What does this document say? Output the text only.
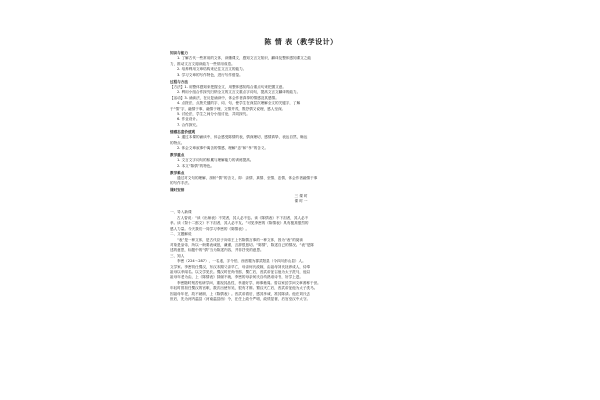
陈 情 表（教学设计）
知识与能力
1. 了解古代一些常用的文体，读懂课文，感知文言文知识，翻译及整体感知课文之能
力，推动文言文阅读能力一些常用成语。
2. 培养利用文章结构来记住文言文的能力。
3. 学习文章的写作特色，进行写作借鉴。
过程与方法
【方法】1. 用整体感知来把握全文，用整体感知结合重点句来把握文意。
2. 利用小组合作探究归纳全文的文言文重点字词句，提高文言文翻译的能力。
【活动】3. 诵读法，在反复诵读中，体会作者真挚的情感及其感情。
4. 点拨法，点拨关键的字、词、句，使学生在深层次理解全文的关键字，了解
于“情”字，融情于事，融情于理，文情并茂，既抒情又说理，感人至深。
5. 讨论法，学生之间分小组讨论，共同探究。
6. 作业设计。
7. 合作探究。
情感态度价值观
1. 通过本课的诵读中，体会感受陈情的表，情深理切，感情真挚，表达自然，畅达
的特点。
2. 体会文章叙事中寓含的情感，理解“忠”和“孝”的含义。
教学重点
1. 文言文字词句的积累与理解能力的训练提高。
2. 本文“陈情”的特色。
教学难点
通过对文句的理解，剖析“情”的含义，即：亲情、真情、至情、忠情，体会作者融情于事
的写作手法。
课时安排
三 课 时
课 时 一
一、导入新课
古人曾说：“读《出师表》不哭者，其人必不忠。读《陈情表》不下泪者，其人必不
孝。读《祭十二郎文》不下泪者，其人必不友。”可见李密的《陈情表》具有极其强烈的
感人力量。今天我们一同学习李密的《陈情表》。
二、文题解说
“表”是一种文体，是古代臣子向帝王上书陈情言事的一种文体，因为“表”的阅读
对象是皇帝，所以一般要表诚恳，谦谨，言辞很恳切。“陈情”，陈述自己的情况。“表”是陈
述的意思，标题中的“情”当为陈述内容，并非抒发的意思。
三、知人
李密（224～287），一名虔，字令伯，西晋犍为郡武阳县（今四川彭山县）人。
文学家。李密初仕蜀汉，东汉末期父亲早亡，母亲何氏改嫁，由祖母刘氏抚养成人，侍奉
祖母以孝闻名。以文学见长。蜀汉时任尚书郎，蜀亡后，晋武帝征召他为太子洗马，他以
祖母年老为由，上《陈情表》辞谢不就，李密的母亲何氏自幼熟谙诗书，好学上进。
李密随时刻苦钻研学问，重视其品性，孝道好学，师事谯周。曾以家贫学问文章著称于世。
年轻时曾担任蜀汉的官职，数次出使东吴，很有才辩。蜀汉灭亡后，晋武帝征他为太子洗马。
因祖母年老，故不就职，上《陈情表》。晋武帝看后，感其孝诚，准其陈请。他在刘氏去
世后，先为河内温县（河南温县西）令，在任上政令严明，政绩显著，后官至汉中太守。
